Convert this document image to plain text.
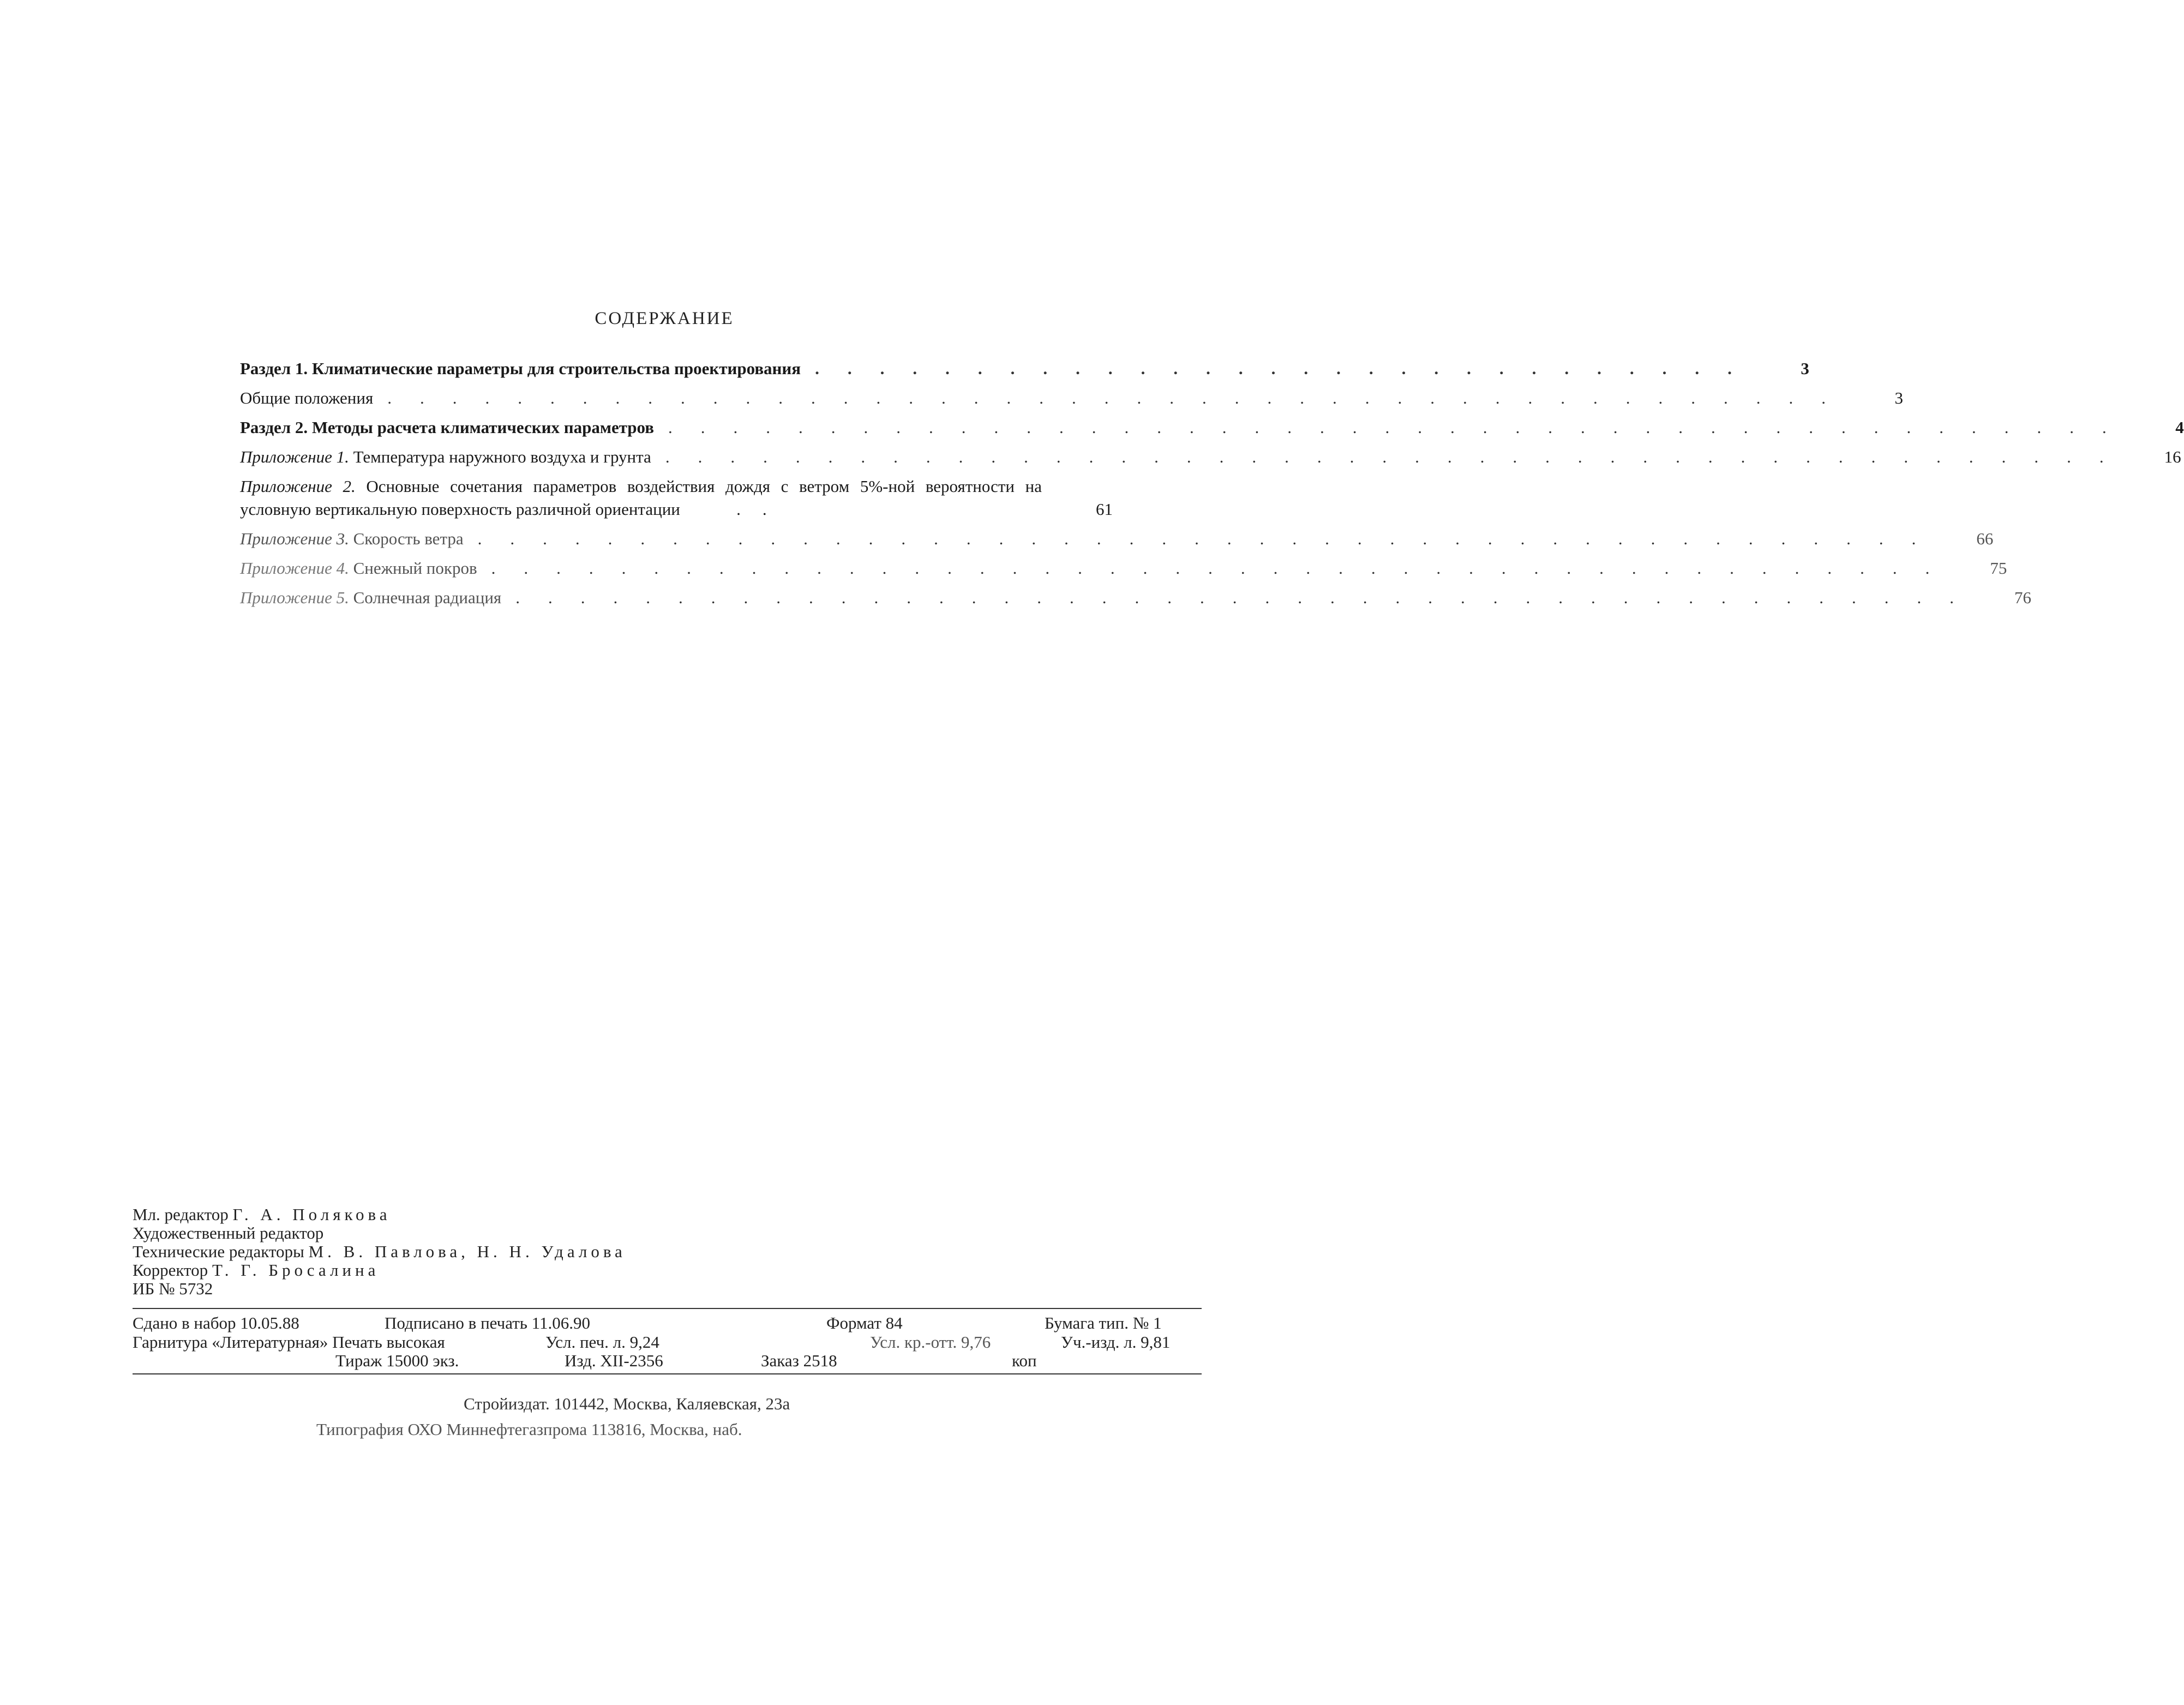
СОДЕРЖАНИЕ
Раздел 1. Климатические параметры для строительства проектирования .............................	3
Общие положения .............................................	3
Раздел 2. Методы расчета климатических параметров .............................................	4
Приложение 1. Температура наружного воздуха и грунта .............................................	16
Приложение 2. Основные сочетания параметров воздействия дождя с ветром 5%-ной вероятности на условную вертикальную поверхность различной ориентации   ..	61
Приложение 3. Скорость ветра .............................................	66
Приложение 4. Снежный покров .............................................	75
Приложение 5. Солнечная радиация .............................................	76
Мл. редактор Г. А. Полякова
Художественный редактор
Технические редакторы М. В. Павлова, Н. Н. Удалова
Корректор Т. Г. Бросалина
ИБ № 5732
Сдано в набор 10.05.88	Подписано в печать 11.06.90	Формат 84	Бумага тип. № 1
Гарнитура «Литературная» Печать высокая	Усл. печ. л. 9,24	Усл. кр.-отт. 9,76	Уч.-изд. л. 9,81
Тираж 15000 экз.	Изд. XII-2356	Заказ 2518	коп
Стройиздат. 101442, Москва, Каляевская, 23а
Типография ОХО Миннефтегазпрома 113816, Москва, наб.
